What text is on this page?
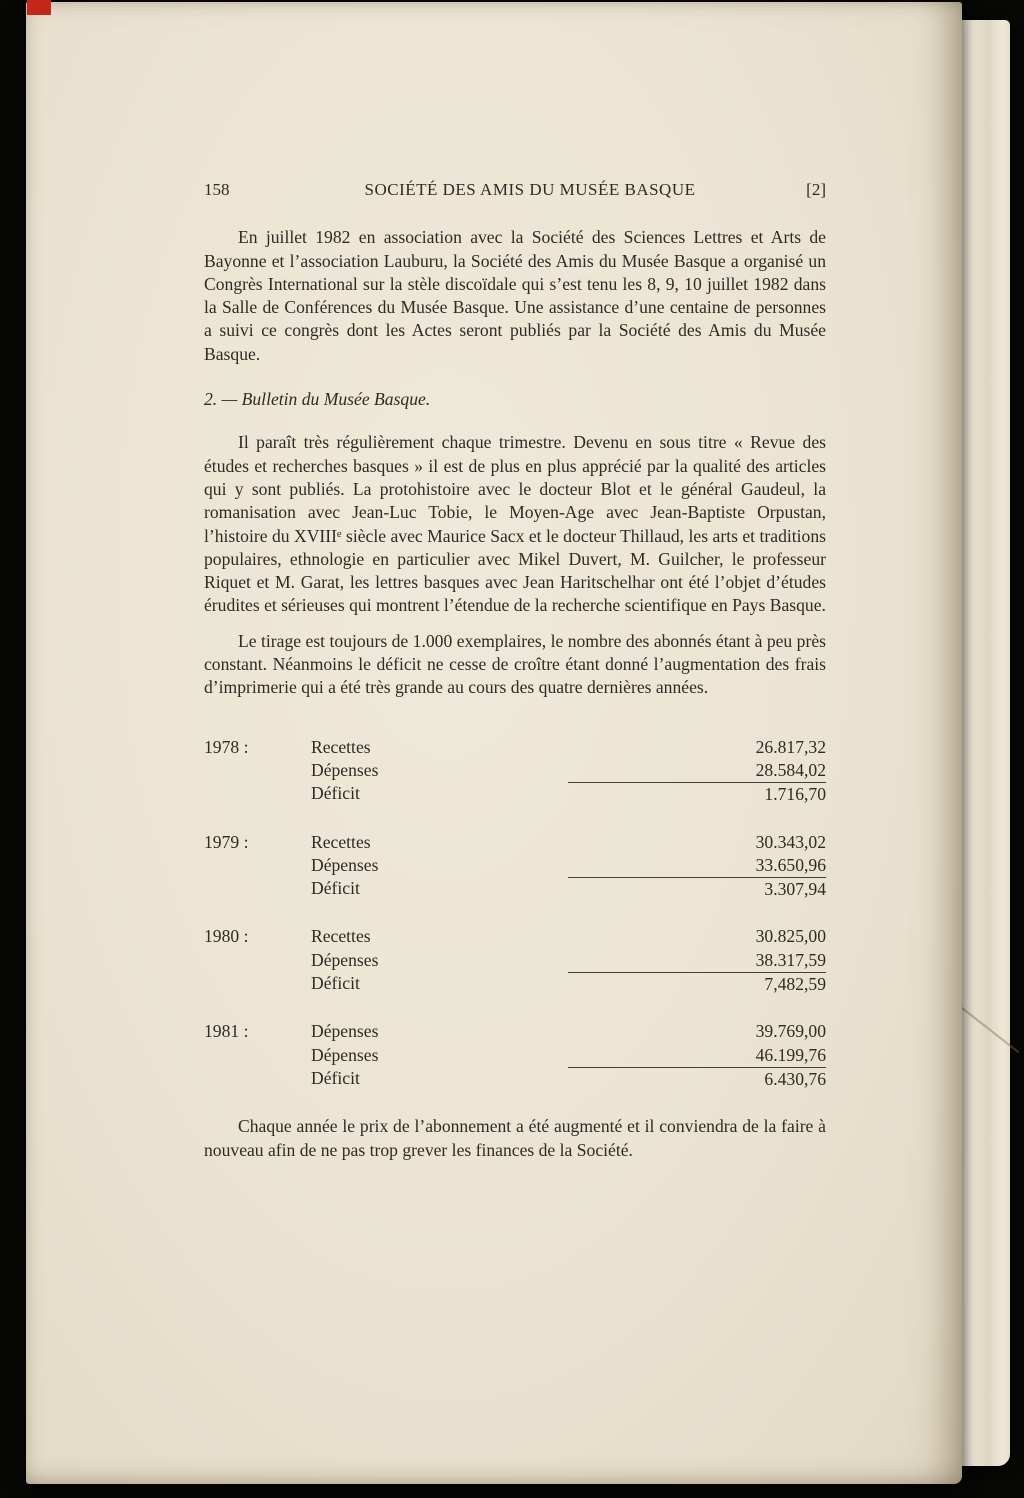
158	SOCIÉTÉ DES AMIS DU MUSÉE BASQUE	[2]

En juillet 1982 en association avec la Société des Sciences Lettres et Arts de Bayonne et l’association Lauburu, la Société des Amis du Musée Basque a organisé un Congrès International sur la stèle discoïdale qui s’est tenu les 8, 9, 10 juillet 1982 dans la Salle de Conférences du Musée Basque. Une assistance d’une centaine de personnes a suivi ce congrès dont les Actes seront publiés par la Société des Amis du Musée Basque.

2. — Bulletin du Musée Basque.

Il paraît très régulièrement chaque trimestre. Devenu en sous titre « Revue des études et recherches basques » il est de plus en plus apprécié par la qualité des articles qui y sont publiés. La protohistoire avec le docteur Blot et le général Gaudeul, la romanisation avec Jean-Luc Tobie, le Moyen-Age avec Jean-Baptiste Orpustan, l’histoire du XVIIIᵉ siècle avec Maurice Sacx et le docteur Thillaud, les arts et traditions populaires, ethnologie en particulier avec Mikel Duvert, M. Guilcher, le professeur Riquet et M. Garat, les lettres basques avec Jean Haritschelhar ont été l’objet d’études érudites et sérieuses qui montrent l’étendue de la recherche scientifique en Pays Basque.

Le tirage est toujours de 1.000 exemplaires, le nombre des abonnés étant à peu près constant. Néanmoins le déficit ne cesse de croître étant donné l’augmentation des frais d’imprimerie qui a été très grande au cours des quatre dernières années.

1978 :	Recettes	26.817,32
Dépenses	28.584,02
Déficit	1.716,70
1979 :	Recettes	30.343,02
Dépenses	33.650,96
Déficit	3.307,94
1980 :	Recettes	30.825,00
Dépenses	38.317,59
Déficit	7,482,59
1981 :	Dépenses	39.769,00
Dépenses	46.199,76
Déficit	6.430,76

Chaque année le prix de l’abonnement a été augmenté et il conviendra de la faire à nouveau afin de ne pas trop grever les finances de la Société.
